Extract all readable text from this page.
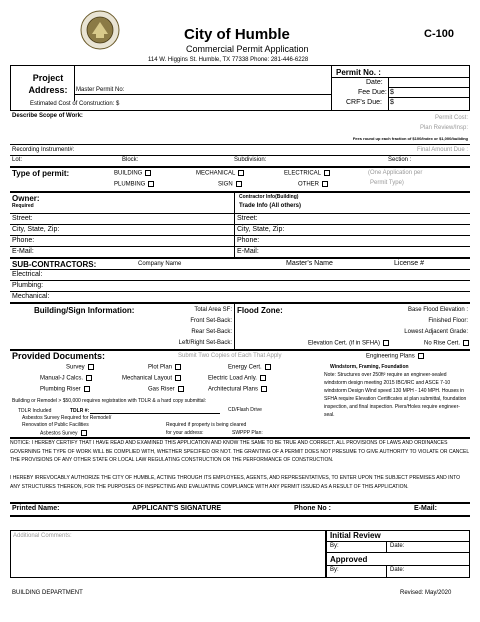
City of Humble	C-100
Commercial Permit Application
114 W. Higgins St. Humble, TX 77338 Phone: 281-446-6228
Project Address: Master Permit No:
Estimated Cost of Construction: $
Permit No. :
Date:
Fee Due: $
CRF's Due: $
Describe Scope of Work:	Permit Cost:
Plan Review/Insp:
Fees round up each fraction of $100/Index or $1,000/building
Recording Instrument#:	Final Amount Due :
Lot:	Block:	Subdivision:	Section :
Type of permit:	BUILDING
PLUMBING
MECHANICAL
SIGN
ELECTRICAL
OTHER
(One Application per
Permit Type)
Owner:
Required
Contractor Info(Building)
Trade Info (All others)
Street:	Street:
City, State, Zip:	City, State, Zip:
Phone:	Phone:
E-Mail:	E-Mail:
SUB-CONTRACTORS:	Company Name	Master's Name	License #
Electrical:
Plumbing:
Mechanical:
Building/Sign Information:	Total Area SF:
Front Set-Back:
Rear Set-Back:
Left/Right Set-Back:
Flood Zone:	Base Flood Elevation :
Finished Floor:
Lowest Adjacent Grade:
Elevation Cert. (if in SFHA)	No Rise Cert.
Provided Documents:	Submit Two Copies of Each That Apply	Engineering Plans
Survey	Plot Plan	Energy Cert.
Manual-J Calcs.	Mechanical Layout	Electric Load Anly.
Plumbing Riser	Gas Riser	Architectural Plans
Building or Remodel > $50,000 requires registration with TDLR & a hard copy submittal:
TDLR Included	TDLR #:	CD/Flash Drive
Asbestos Survey Required for Remodel/
Renovation of Public Facilities
Asbestos Survey
Required if property is being cleared
for your address:	SWPPP Plan:
Windstorm, Framing, Foundation
Note: Structures over 250ft² require an engineer-sealed windstorm design meeting 2015 IBC/IRC and ASCE 7-10 windstorm Design Wind speed 130 MPH - 140 MPH. Houses in SFHA require Elevation Certificates at plan submittal, foundation inspection, and final inspection. Piers/Holes require engineer-seal.
NOTICE: I HEREBY CERTIFY THAT I HAVE READ AND EXAMINED THIS APPLICATION AND KNOW THE SAME TO BE TRUE AND CORRECT. ALL PROVISIONS OF LAWS AND ORDINANCES GOVERNING THE TYPE OF WORK WILL BE COMPLIED WITH, WHETHER SPECIFIED OR NOT. THE GRANTING OF A PERMIT DOES NOT PRESUME TO GIVE AUTHORITY TO VIOLATE OR CANCEL THE PROVISIONS OF ANY OTHER STATE OR LOCAL LAW REGULATING CONSTRUCTION OR THE PERFORMANCE OF CONSTRUCTION.
I HEREBY IRREVOCABLY AUTHORIZE THE CITY OF HUMBLE, ACTING THROUGH ITS EMPLOYEES, AGENTS, AND REPRESENTATIVES, TO ENTER UPON THE SUBJECT PREMISES AND INTO ANY STRUCTURES THEREON, FOR THE PURPOSES OF INSPECTING AND EVALUATING COMPLIANCE WITH ANY PERMIT ISSUED AS A RESULT OF THIS APPLICATION.
Printed Name:	APPLICANT'S SIGNATURE	Phone No :	E-Mail:
Additional Comments:	Initial Review
By:	Date:
Approved
By:	Date:
BUILDING DEPARTMENT	Revised: May/2020
